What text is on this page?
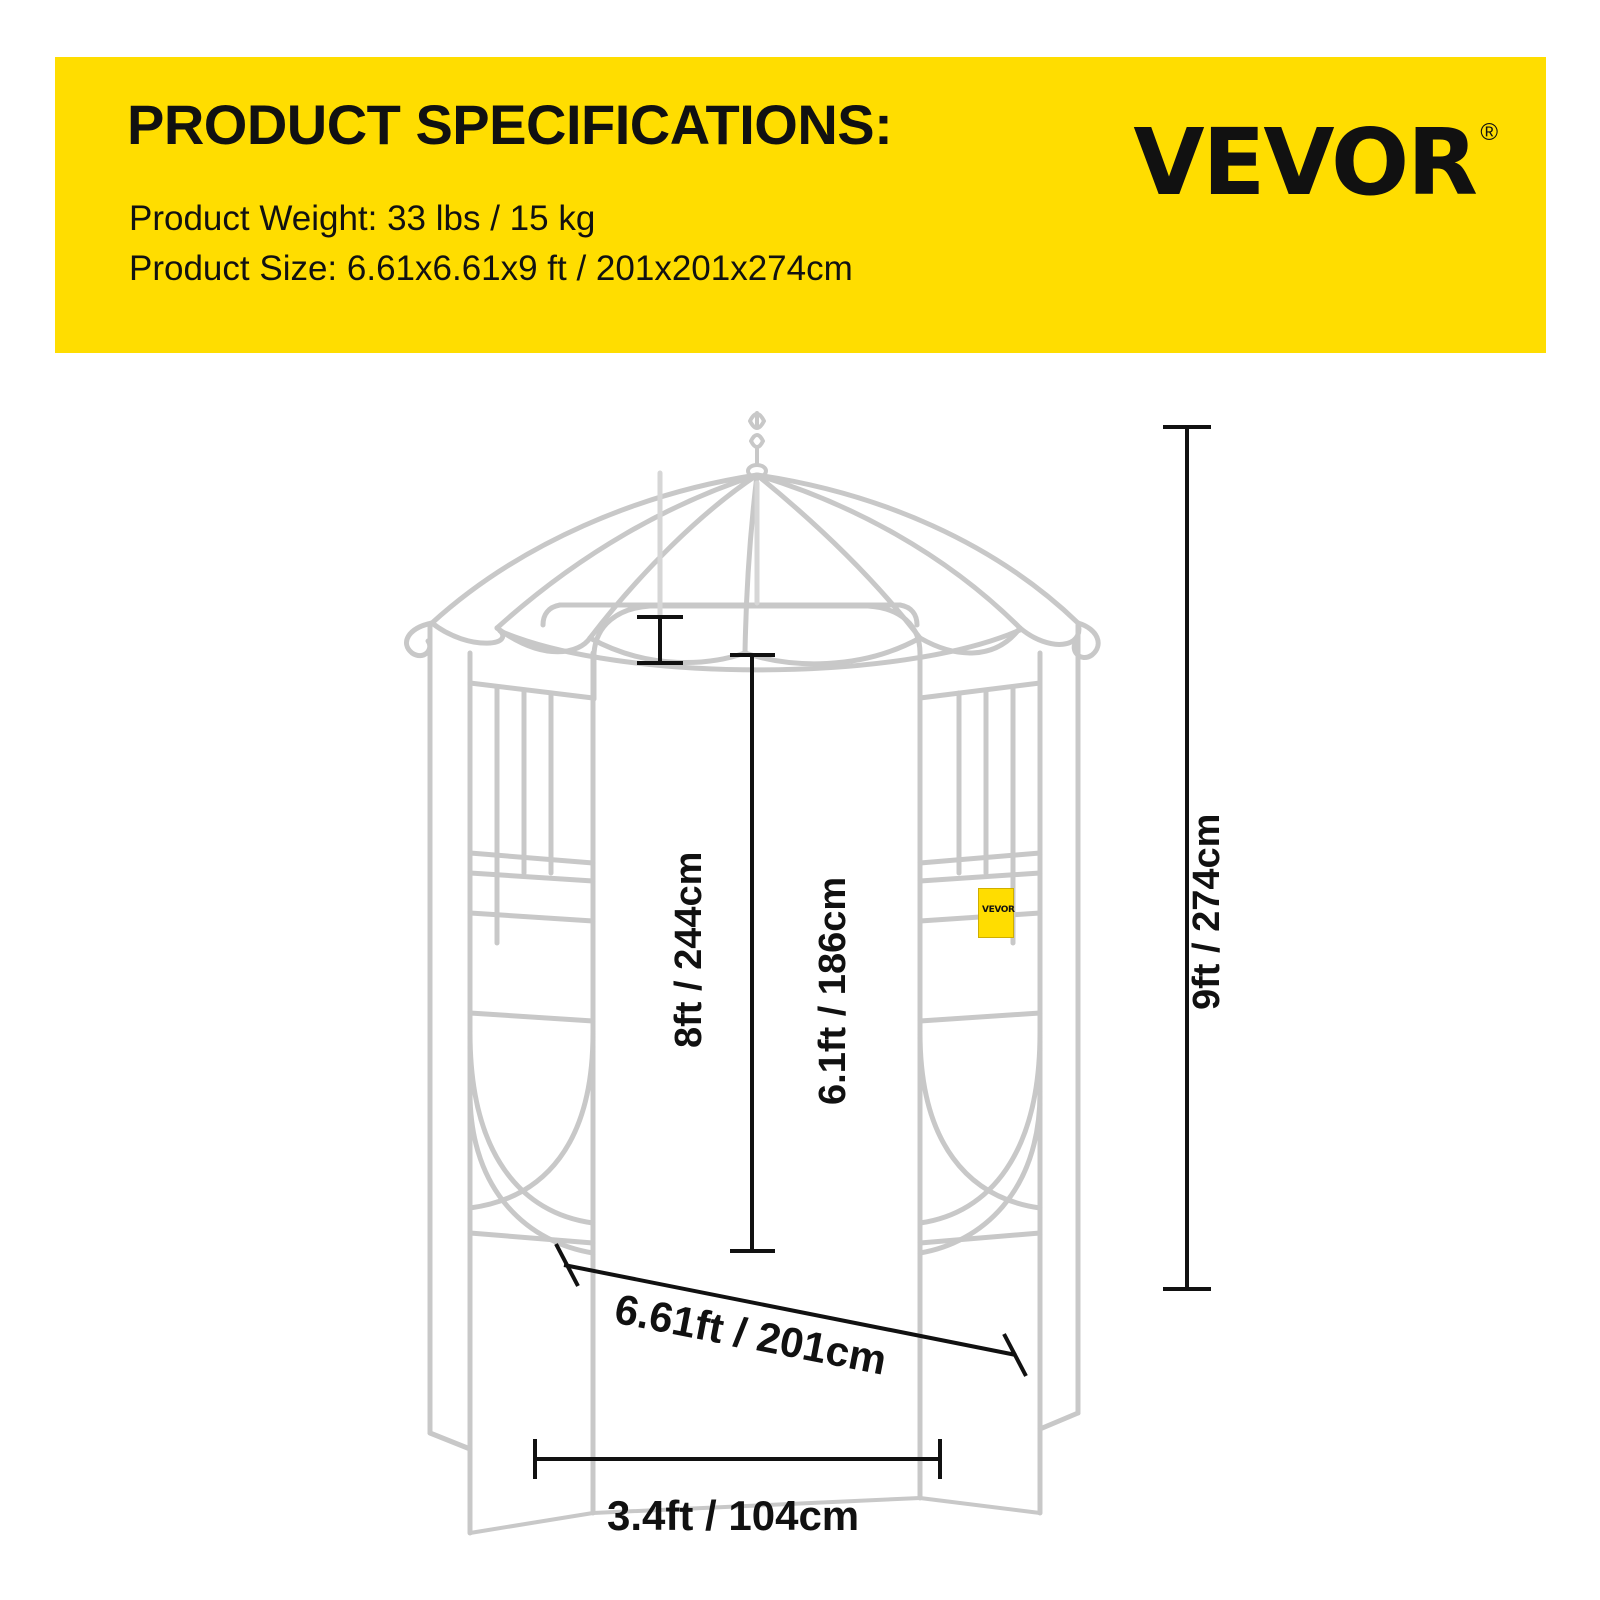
PRODUCT SPECIFICATIONS:
Product Weight: 33 lbs / 15 kg
Product Size: 6.61x6.61x9 ft / 201x201x274cm
VEVOR ®
VEVOR
8ft / 244cm	6.1ft / 186cm	9ft / 274cm
6.61ft / 201cm
3.4ft / 104cm
